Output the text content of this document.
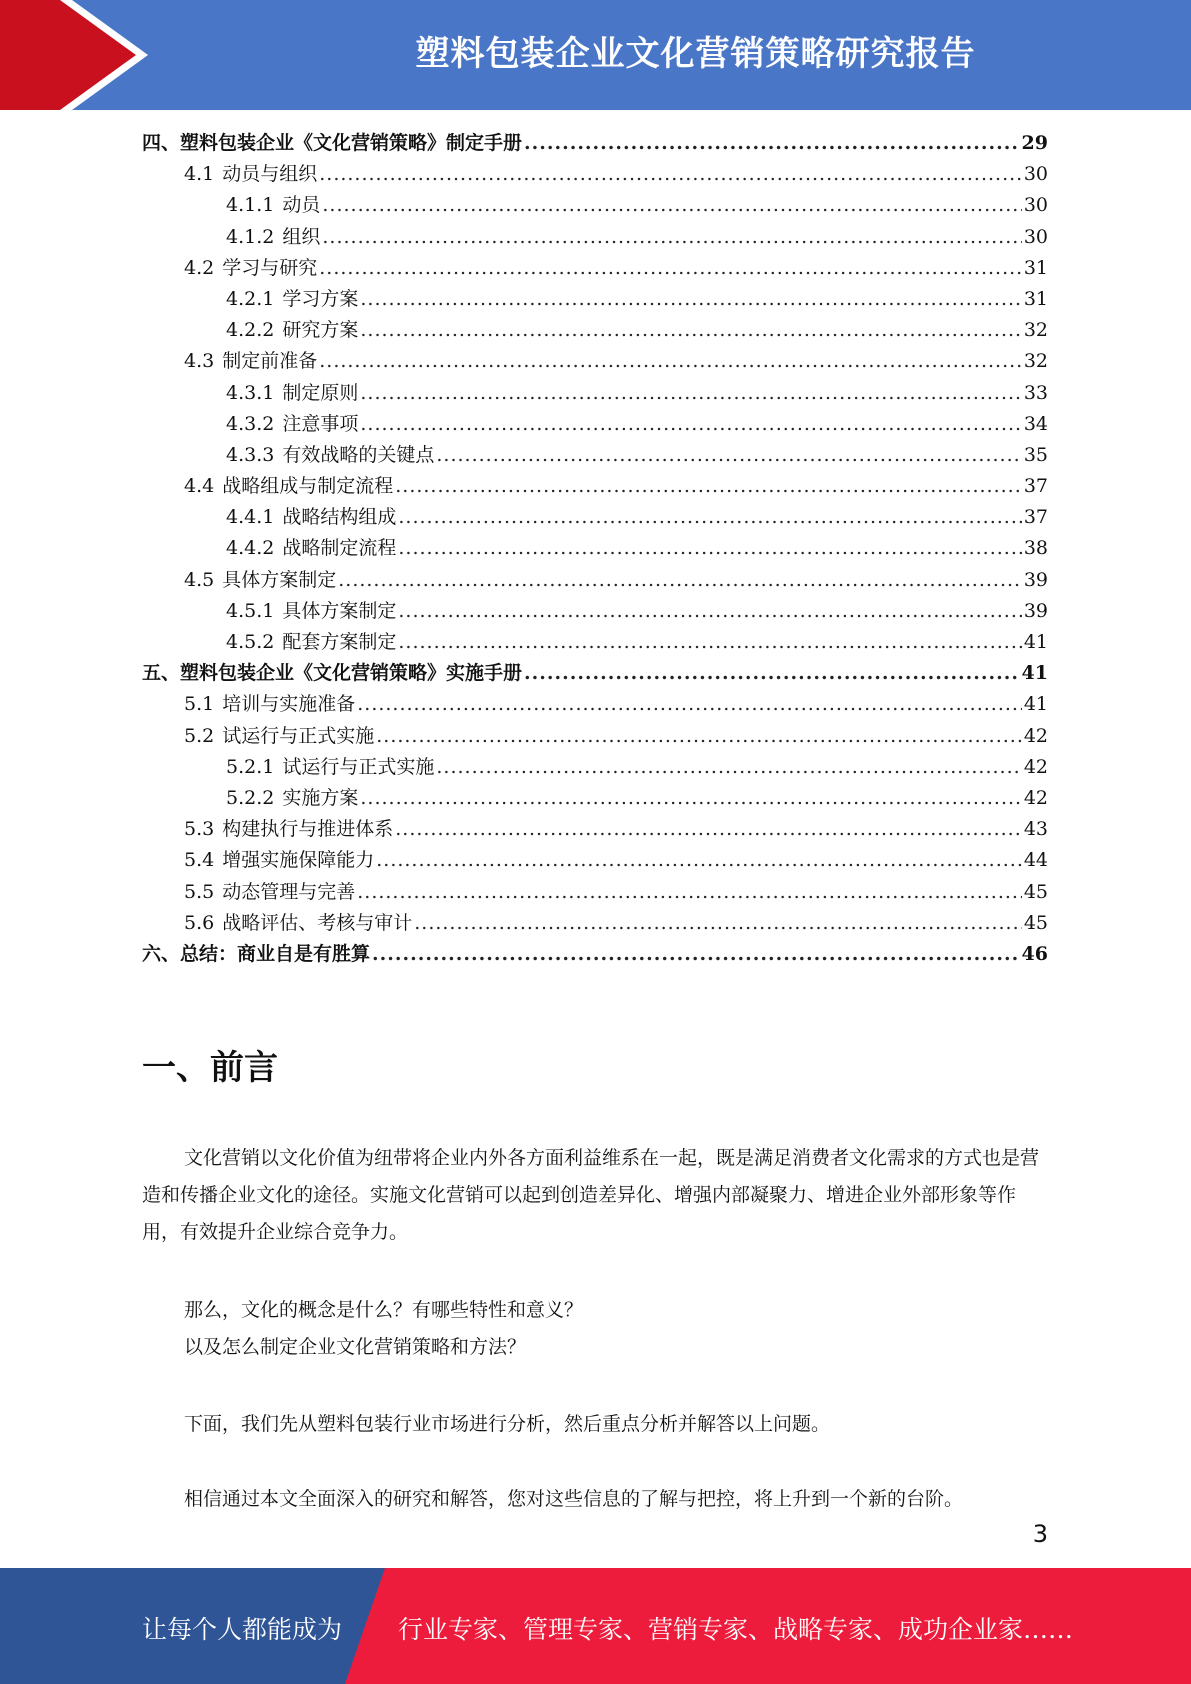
塑料包装企业文化营销策略研究报告
四、塑料包装企业《文化营销策略》制定手册 .....	29
4.1 动员与组织 .....	30
4.1.1 动员 .....	30
4.1.2 组织 .....	30
4.2 学习与研究 .....	31
4.2.1 学习方案 .....	31
4.2.2 研究方案 .....	32
4.3 制定前准备 .....	32
4.3.1 制定原则 .....	33
4.3.2 注意事项 .....	34
4.3.3 有效战略的关键点 .....	35
4.4 战略组成与制定流程 .....	37
4.4.1 战略结构组成 .....	37
4.4.2 战略制定流程 .....	38
4.5 具体方案制定 .....	39
4.5.1 具体方案制定 .....	39
4.5.2 配套方案制定 .....	41
五、塑料包装企业《文化营销策略》实施手册 .....	41
5.1 培训与实施准备 .....	41
5.2 试运行与正式实施 .....	42
5.2.1 试运行与正式实施 .....	42
5.2.2 实施方案 .....	42
5.3 构建执行与推进体系 .....	43
5.4 增强实施保障能力 .....	44
5.5 动态管理与完善 .....	45
5.6 战略评估、考核与审计 .....	45
六、总结：商业自是有胜算 .....	46
一、前言

文化营销以文化价值为纽带将企业内外各方面利益维系在一起，既是满足消费者文化需求的方式也是营造和传播企业文化的途径。实施文化营销可以起到创造差异化、增强内部凝聚力、增进企业外部形象等作用，有效提升企业综合竞争力。

那么，文化的概念是什么？有哪些特性和意义？

以及怎么制定企业文化营销策略和方法？

下面，我们先从塑料包装行业市场进行分析，然后重点分析并解答以上问题。

相信通过本文全面深入的研究和解答，您对这些信息的了解与把控，将上升到一个新的台阶。

3
让每个人都能成为 行业专家、管理专家、营销专家、战略专家、成功企业家……
